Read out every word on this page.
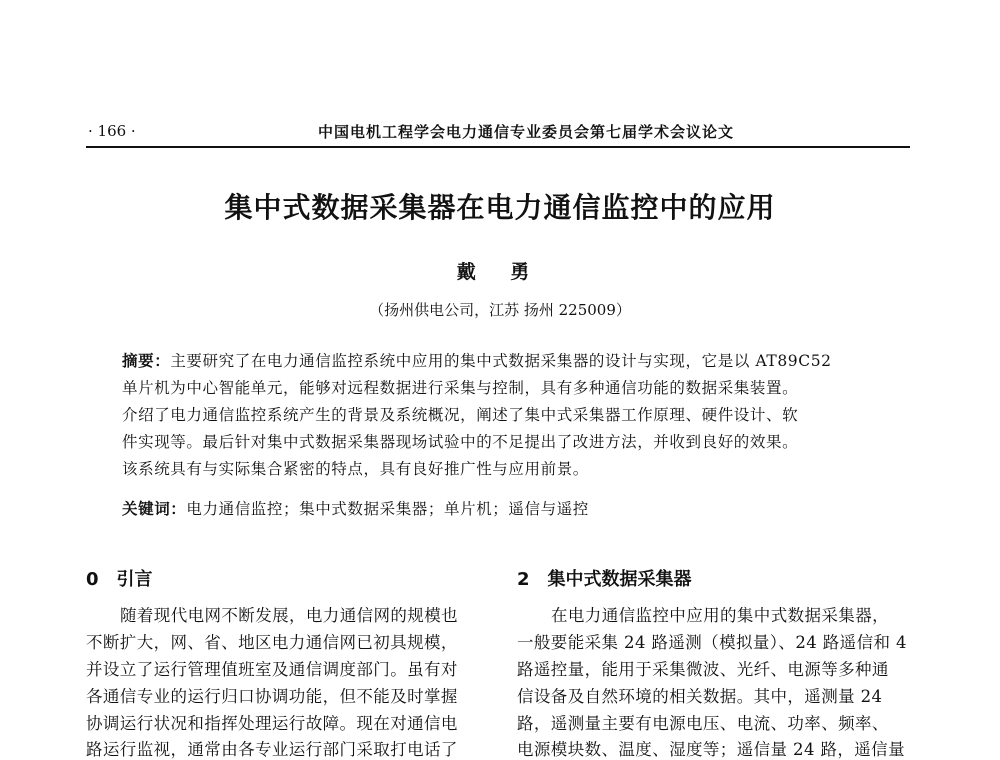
· 166 ·	中国电机工程学会电力通信专业委员会第七届学术会议论文
集中式数据采集器在电力通信监控中的应用
戴 勇
（扬州供电公司，江苏 扬州 225009）
摘要：主要研究了在电力通信监控系统中应用的集中式数据采集器的设计与实现，它是以 AT89C52
单片机为中心智能单元，能够对远程数据进行采集与控制，具有多种通信功能的数据采集装置。
介绍了电力通信监控系统产生的背景及系统概况，阐述了集中式采集器工作原理、硬件设计、软
件实现等。最后针对集中式数据采集器现场试验中的不足提出了改进方法，并收到良好的效果。
该系统具有与实际集合紧密的特点，具有良好推广性与应用前景。
关键词：电力通信监控；集中式数据采集器；单片机；遥信与遥控
0 引言
随着现代电网不断发展，电力通信网的规模也
不断扩大，网、省、地区电力通信网已初具规模，
并设立了运行管理值班室及通信调度部门。虽有对
各通信专业的运行归口协调功能，但不能及时掌握
协调运行状况和指挥处理运行故障。现在对通信电
路运行监视，通常由各专业运行部门采取打电话了
2 集中式数据采集器
在电力通信监控中应用的集中式数据采集器，
一般要能采集 24 路遥测（模拟量）、24 路遥信和 4
路遥控量，能用于采集微波、光纤、电源等多种通
信设备及自然环境的相关数据。其中，遥测量 24
路，遥测量主要有电源电压、电流、功率、频率、
电源模块数、温度、湿度等；遥信量 24 路，遥信量
